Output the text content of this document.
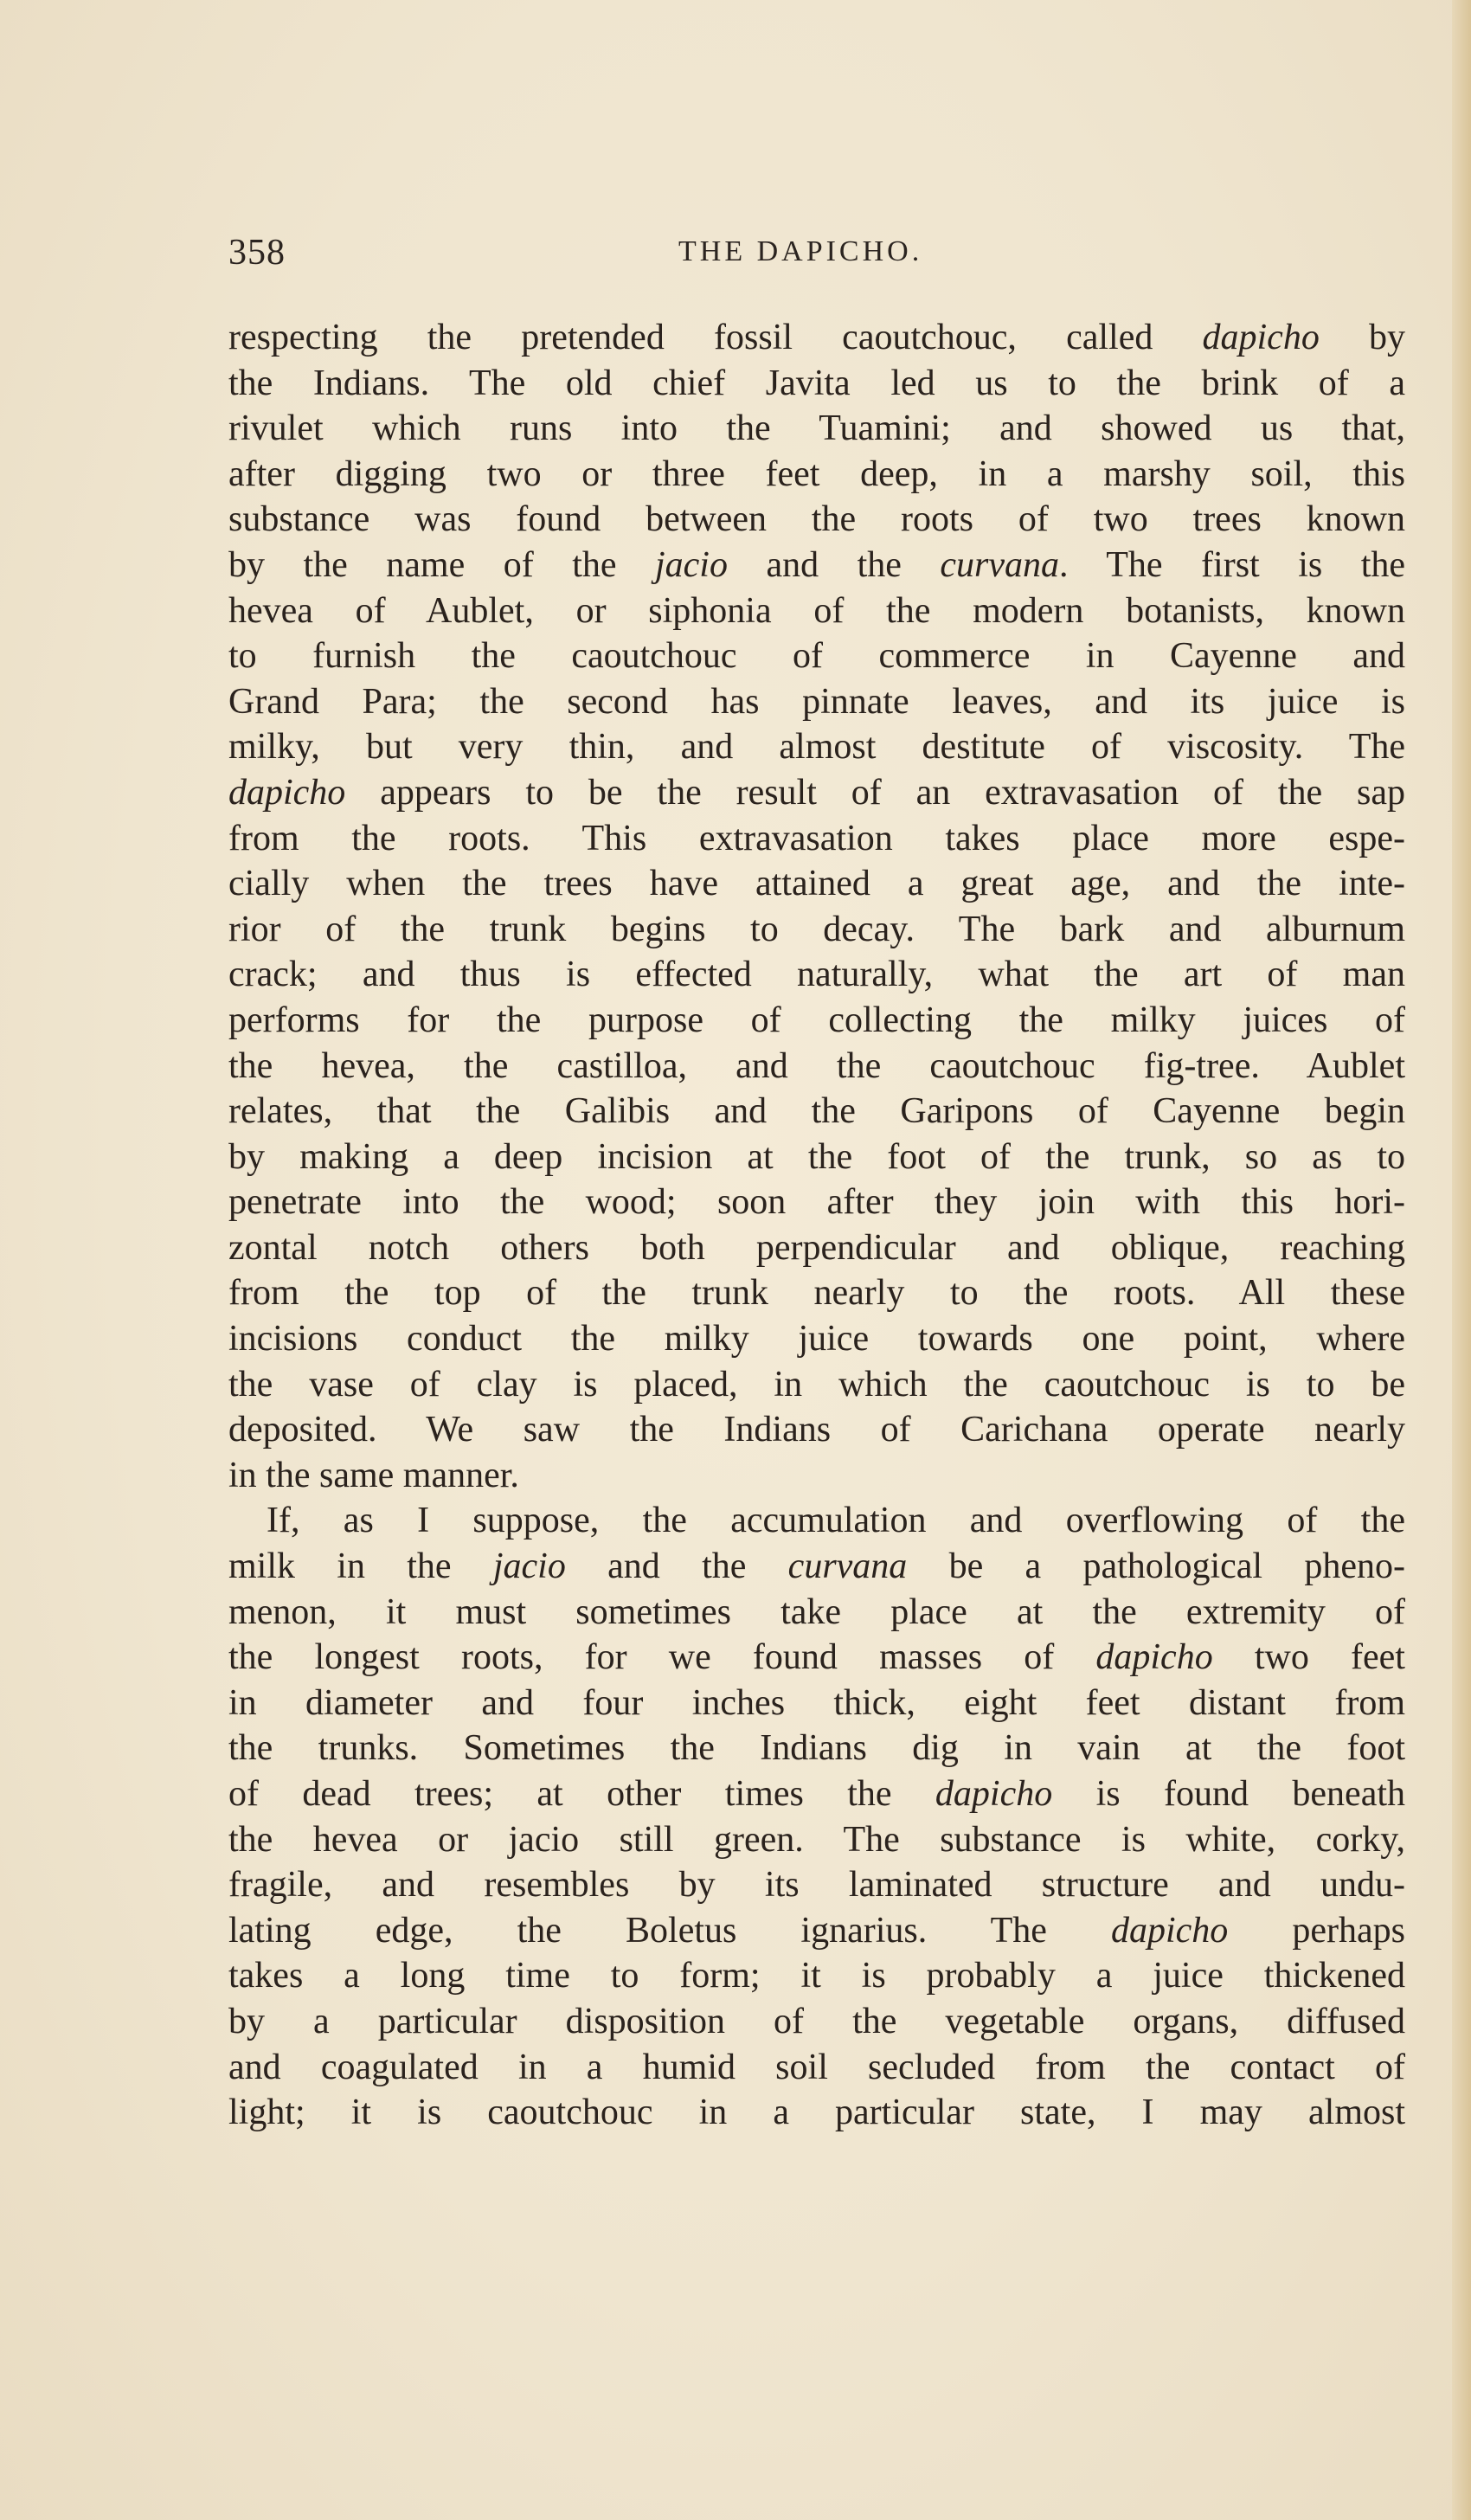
358	THE DAPICHO.
respecting the pretended fossil caoutchouc, called dapicho by
the Indians. The old chief Javita led us to the brink of a
rivulet which runs into the Tuamini; and showed us that,
after digging two or three feet deep, in a marshy soil, this
substance was found between the roots of two trees known
by the name of the jacio and the curvana. The first is the
hevea of Aublet, or siphonia of the modern botanists, known
to furnish the caoutchouc of commerce in Cayenne and
Grand Para; the second has pinnate leaves, and its juice is
milky, but very thin, and almost destitute of viscosity. The
dapicho appears to be the result of an extravasation of the sap
from the roots. This extravasation takes place more espe-
cially when the trees have attained a great age, and the inte-
rior of the trunk begins to decay. The bark and alburnum
crack; and thus is effected naturally, what the art of man
performs for the purpose of collecting the milky juices of
the hevea, the castilloa, and the caoutchouc fig-tree. Aublet
relates, that the Galibis and the Garipons of Cayenne begin
by making a deep incision at the foot of the trunk, so as to
penetrate into the wood; soon after they join with this hori-
zontal notch others both perpendicular and oblique, reaching
from the top of the trunk nearly to the roots. All these
incisions conduct the milky juice towards one point, where
the vase of clay is placed, in which the caoutchouc is to be
deposited. We saw the Indians of Carichana operate nearly
in the same manner.
If, as I suppose, the accumulation and overflowing of the
milk in the jacio and the curvana be a pathological pheno-
menon, it must sometimes take place at the extremity of
the longest roots, for we found masses of dapicho two feet
in diameter and four inches thick, eight feet distant from
the trunks. Sometimes the Indians dig in vain at the foot
of dead trees; at other times the dapicho is found beneath
the hevea or jacio still green. The substance is white, corky,
fragile, and resembles by its laminated structure and undu-
lating edge, the Boletus ignarius. The dapicho perhaps
takes a long time to form; it is probably a juice thickened
by a particular disposition of the vegetable organs, diffused
and coagulated in a humid soil secluded from the contact of
light; it is caoutchouc in a particular state, I may almost
